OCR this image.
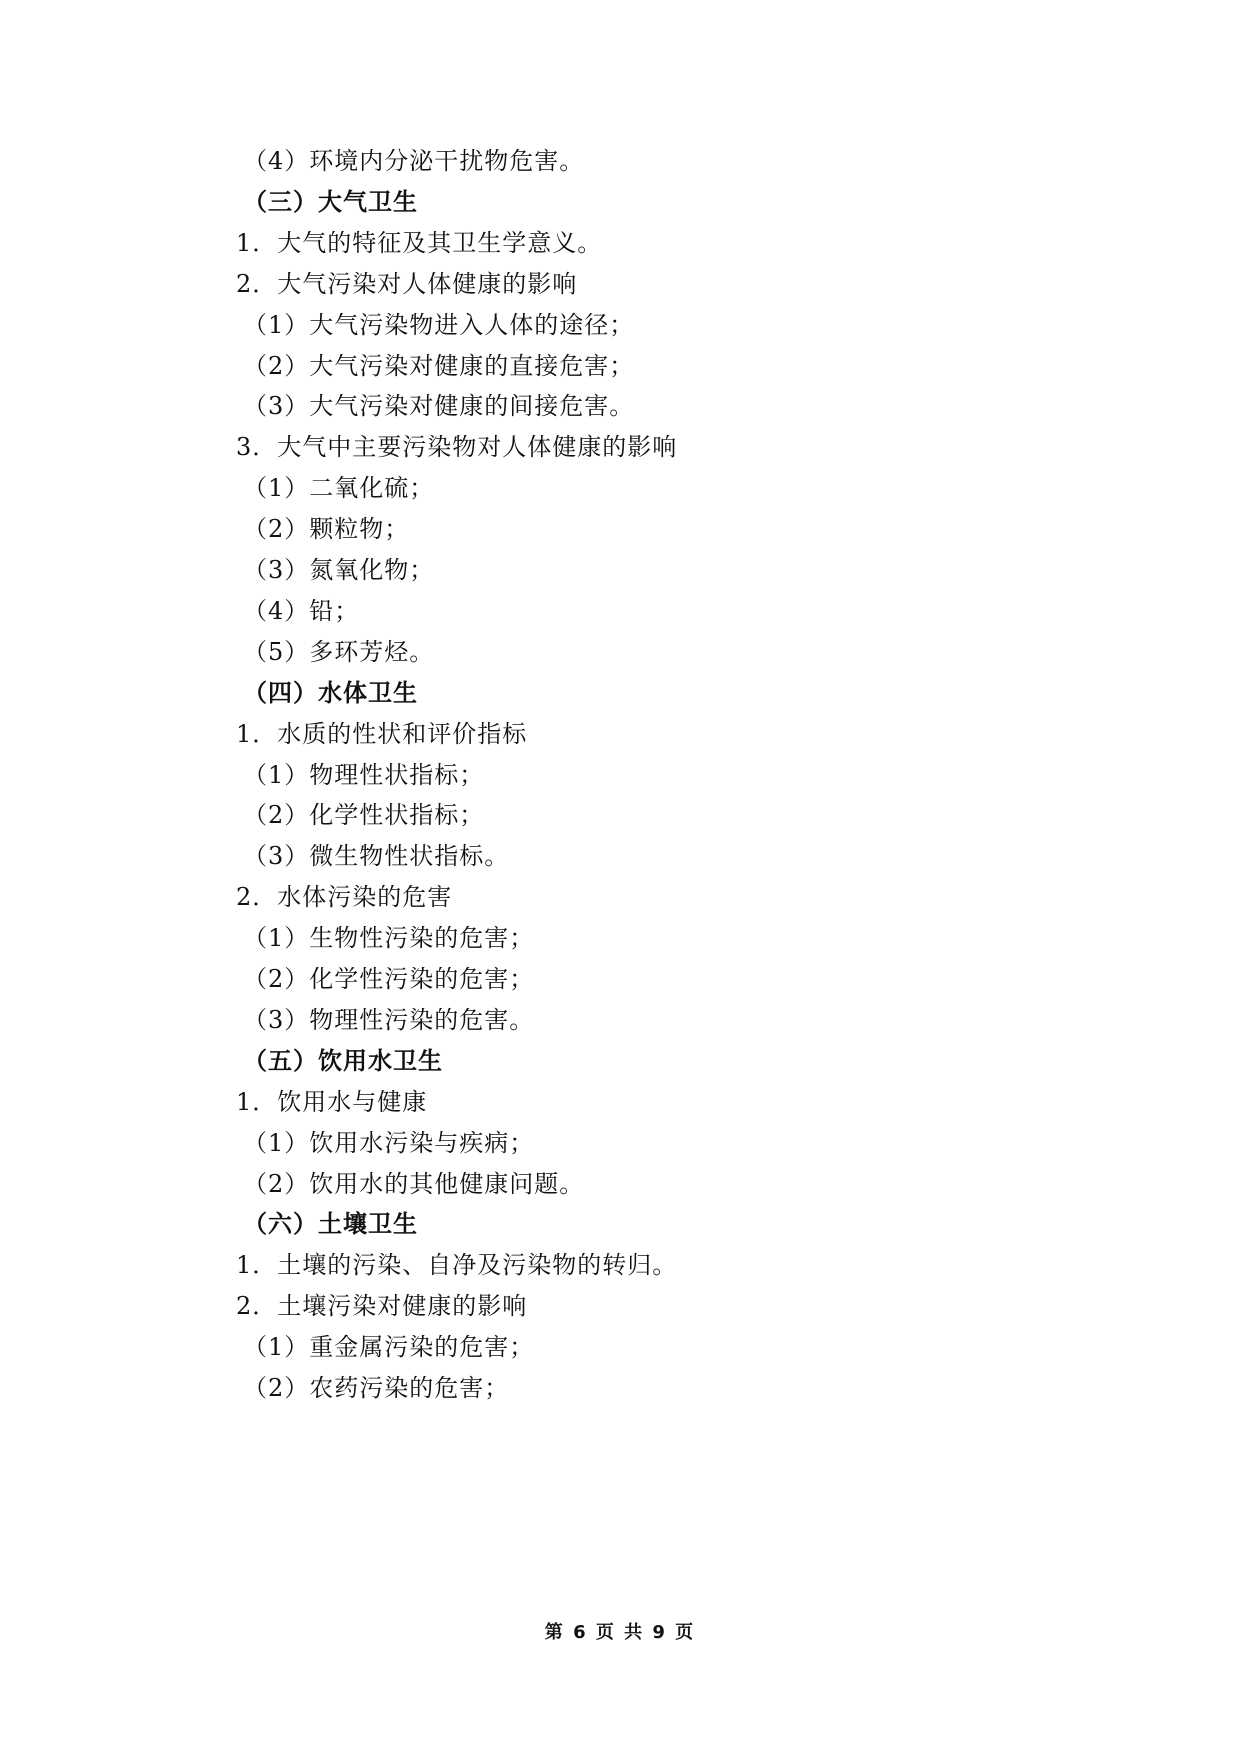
（4）环境内分泌干扰物危害。
（三）大气卫生
1．大气的特征及其卫生学意义。
2．大气污染对人体健康的影响
（1）大气污染物进入人体的途径；
（2）大气污染对健康的直接危害；
（3）大气污染对健康的间接危害。
3．大气中主要污染物对人体健康的影响
（1）二氧化硫；
（2）颗粒物；
（3）氮氧化物；
（4）铅；
（5）多环芳烃。
（四）水体卫生
1．水质的性状和评价指标
（1）物理性状指标；
（2）化学性状指标；
（3）微生物性状指标。
2．水体污染的危害
（1）生物性污染的危害；
（2）化学性污染的危害；
（3）物理性污染的危害。
（五）饮用水卫生
1．饮用水与健康
（1）饮用水污染与疾病；
（2）饮用水的其他健康问题。
（六）土壤卫生
1．土壤的污染、自净及污染物的转归。
2．土壤污染对健康的影响
（1）重金属污染的危害；
（2）农药污染的危害；
第 6 页 共 9 页
